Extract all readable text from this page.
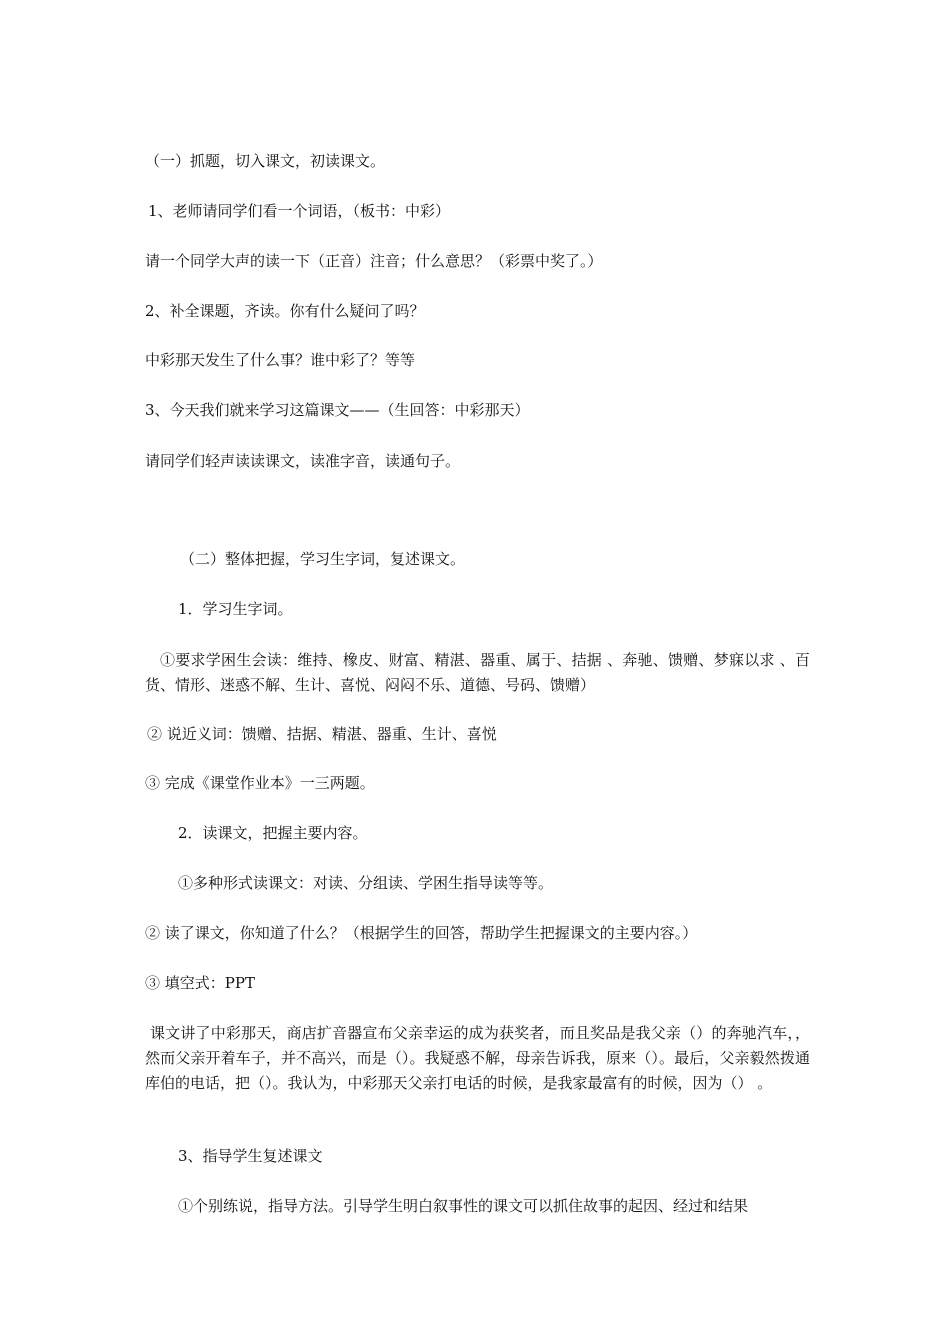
（一）抓题，切入课文，初读课文。

1、老师请同学们看一个词语，（板书：中彩）

请一个同学大声的读一下（正音）注音；什么意思？（彩票中奖了。）

2、补全课题，齐读。你有什么疑问了吗？

中彩那天发生了什么事？谁中彩了？等等

3、今天我们就来学习这篇课文——（生回答：中彩那天）

请同学们轻声读读课文，读准字音，读通句子。

（二）整体把握，学习生字词，复述课文。

1．学习生字词。

①要求学困生会读：维持、橡皮、财富、精湛、器重、属于、拮据 、奔驰、馈赠、梦寐以求 、百货、情形、迷惑不解、生计、喜悦、闷闷不乐、道德、号码、馈赠）

② 说近义词：馈赠、拮据、精湛、器重、生计、喜悦

③ 完成《课堂作业本》一三两题。

2．读课文，把握主要内容。

①多种形式读课文：对读、分组读、学困生指导读等等。

② 读了课文，你知道了什么？（根据学生的回答，帮助学生把握课文的主要内容。）

③ 填空式：PPT

课文讲了中彩那天，商店扩音器宣布父亲幸运的成为获奖者，而且奖品是我父亲（）的奔驰汽车，，然而父亲开着车子，并不高兴，而是（）。我疑惑不解，母亲告诉我，原来（）。最后，父亲毅然拨通库伯的电话，把（）。我认为，中彩那天父亲打电话的时候，是我家最富有的时候，因为（） 。

3、指导学生复述课文

①个别练说，指导方法。引导学生明白叙事性的课文可以抓住故事的起因、经过和结果
